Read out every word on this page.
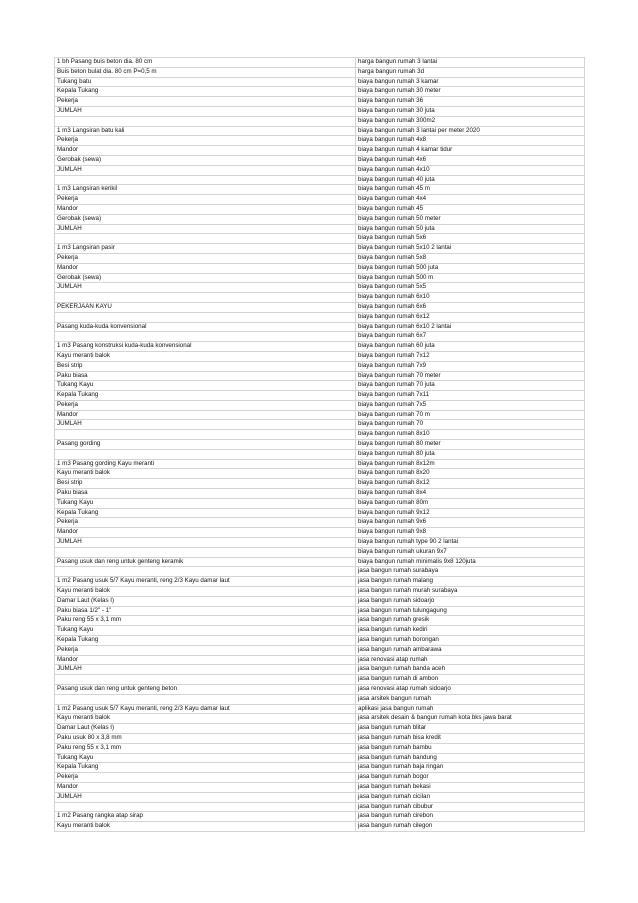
1 bh Pasang buis beton dia. 80 cm	harga bangun rumah 3 lantai
Buis beton bulat dia. 80 cm P=0,5 m	harga bangun rumah 3d
Tukang batu	biaya bangun rumah 3 kamar
Kepala Tukang	biaya bangun rumah 30 meter
Pekerja	biaya bangun rumah 36
JUMLAH	biaya bangun rumah 30 juta
	biaya bangun rumah 300m2
1 m3 Langsiran batu kali	biaya bangun rumah 3 lantai per meter 2020
Pekerja	biaya bangun rumah 4x8
Mandor	biaya bangun rumah 4 kamar tidur
Gerobak (sewa)	biaya bangun rumah 4x6
JUMLAH	biaya bangun rumah 4x10
	biaya bangun rumah 40 juta
1 m3 Langsiran kerikil	biaya bangun rumah 45 m
Pekerja	biaya bangun rumah 4x4
Mandor	biaya bangun rumah 45
Gerobak (sewa)	biaya bangun rumah 50 meter
JUMLAH	biaya bangun rumah 50 juta
	biaya bangun rumah 5x6
1 m3 Langsiran pasir	biaya bangun rumah 5x10 2 lantai
Pekerja	biaya bangun rumah 5x8
Mandor	biaya bangun rumah 500 juta
Gerobak (sewa)	biaya bangun rumah 500 m
JUMLAH	biaya bangun rumah 5x5
	biaya bangun rumah 6x10
PEKERJAAN KAYU	biaya bangun rumah 6x6
	biaya bangun rumah 6x12
Pasang kuda-kuda konvensional	biaya bangun rumah 6x10 2 lantai
	biaya bangun rumah 6x7
1 m3 Pasang konstruksi kuda-kuda konvensional	biaya bangun rumah 60 juta
Kayu meranti balok	biaya bangun rumah 7x12
Besi strip	biaya bangun rumah 7x9
Paku biasa	biaya bangun rumah 70 meter
Tukang Kayu	biaya bangun rumah 70 juta
Kepala Tukang	biaya bangun rumah 7x11
Pekerja	biaya bangun rumah 7x5
Mandor	biaya bangun rumah 70 m
JUMLAH	biaya bangun rumah 70
	biaya bangun rumah 8x10
Pasang gording	biaya bangun rumah 80 meter
	biaya bangun rumah 80 juta
1 m3 Pasang gording Kayu meranti	biaya bangun rumah 8x12m
Kayu meranti balok	biaya bangun rumah 8x20
Besi strip	biaya bangun rumah 8x12
Paku biasa	biaya bangun rumah 8x4
Tukang Kayu	biaya bangun rumah 80m
Kepala Tukang	biaya bangun rumah 9x12
Pekerja	biaya bangun rumah 9x6
Mandor	biaya bangun rumah 9x8
JUMLAH	biaya bangun rumah type 90 2 lantai
	biaya bangun rumah ukuran 9x7
Pasang usuk dan reng untuk genteng keramik	biaya bangun rumah minimalis 9x8 120juta
	jasa bangun rumah surabaya
1 m2 Pasang usuk 5/7 Kayu meranti, reng 2/3 Kayu damar laut	jasa bangun rumah malang
Kayu meranti balok	jasa bangun rumah murah surabaya
Damar Laut (Kelas I)	jasa bangun rumah sidoarjo
Paku biasa 1/2" - 1"	jasa bangun rumah tulungagung
Paku reng 55 x 3,1 mm	jasa bangun rumah gresik
Tukang Kayu	jasa bangun rumah kediri
Kepala Tukang	jasa bangun rumah borongan
Pekerja	jasa bangun rumah ambarawa
Mandor	jasa renovasi atap rumah
JUMLAH	jasa bangun rumah banda aceh
	jasa bangun rumah di ambon
Pasang usuk dan reng untuk genteng beton	jasa renovasi atap rumah sidoarjo
	jasa arsitek bangun rumah
1 m2 Pasang usuk 5/7 Kayu meranti, reng 2/3 Kayu damar laut	aplikasi jasa bangun rumah
Kayu meranti balok	jasa arsitek desain & bangun rumah kota bks jawa barat
Damar Laut (Kelas I)	jasa bangun rumah blitar
Paku usuk 80 x 3,8 mm	jasa bangun rumah bisa kredit
Paku reng 55 x 3,1 mm	jasa bangun rumah bambu
Tukang Kayu	jasa bangun rumah bandung
Kepala Tukang	jasa bangun rumah baja ringan
Pekerja	jasa bangun rumah bogor
Mandor	jasa bangun rumah bekasi
JUMLAH	jasa bangun rumah cicilan
	jasa bangun rumah cibubur
1 m2 Pasang rangka atap sirap	jasa bangun rumah cirebon
Kayu meranti balok	jasa bangun rumah cilegon
